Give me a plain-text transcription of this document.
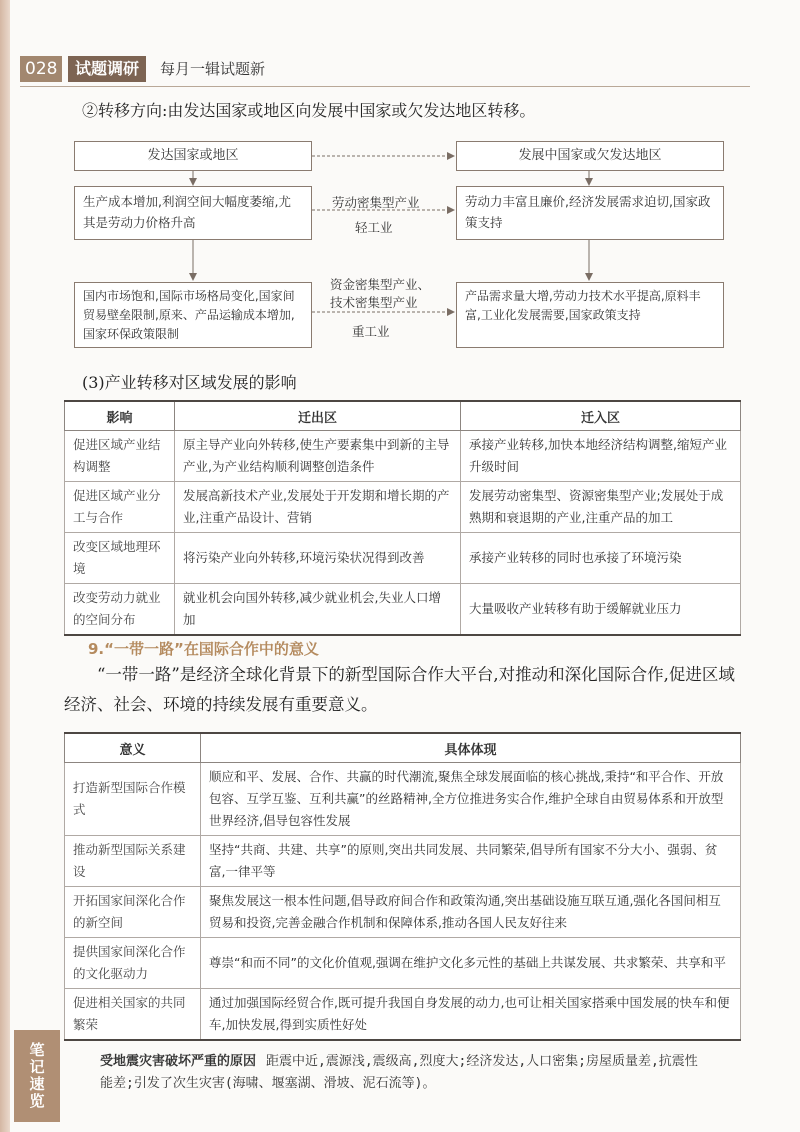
028	试题调研	每月一辑试题新
②转移方向:由发达国家或地区向发展中国家或欠发达地区转移。
发达国家或地区	发展中国家或欠发达地区
生产成本增加,利润空间大幅度萎缩,尤其是劳动力价格升高
劳动力丰富且廉价,经济发展需求迫切,国家政策支持
劳动密集型产业
轻工业
国内市场饱和,国际市场格局变化,国家间贸易壁垒限制,原来、产品运输成本增加,国家环保政策限制
产品需求量大增,劳动力技术水平提高,原料丰富,工业化发展需要,国家政策支持
资金密集型产业、
技术密集型产业
重工业
(3)产业转移对区域发展的影响
影响	迁出区	迁入区
促进区域产业结构调整	原主导产业向外转移,使生产要素集中到新的主导产业,为产业结构顺利调整创造条件	承接产业转移,加快本地经济结构调整,缩短产业升级时间
促进区域产业分工与合作	发展高新技术产业,发展处于开发期和增长期的产业,注重产品设计、营销	发展劳动密集型、资源密集型产业;发展处于成熟期和衰退期的产业,注重产品的加工
改变区域地理环境	将污染产业向外转移,环境污染状况得到改善	承接产业转移的同时也承接了环境污染
改变劳动力就业的空间分布	就业机会向国外转移,减少就业机会,失业人口增加	大量吸收产业转移有助于缓解就业压力
9.“一带一路”在国际合作中的意义
“一带一路”是经济全球化背景下的新型国际合作大平台,对推动和深化国际合作,促进区域经济、社会、环境的持续发展有重要意义。
意义	具体体现
打造新型国际合作模式	顺应和平、发展、合作、共赢的时代潮流,聚焦全球发展面临的核心挑战,秉持“和平合作、开放包容、互学互鉴、互利共赢”的丝路精神,全方位推进务实合作,维护全球自由贸易体系和开放型世界经济,倡导包容性发展
推动新型国际关系建设	坚持“共商、共建、共享”的原则,突出共同发展、共同繁荣,倡导所有国家不分大小、强弱、贫富,一律平等
开拓国家间深化合作的新空间	聚焦发展这一根本性问题,倡导政府间合作和政策沟通,突出基础设施互联互通,强化各国间相互贸易和投资,完善金融合作机制和保障体系,推动各国人民友好往来
提供国家间深化合作的文化驱动力	尊崇“和而不同”的文化价值观,强调在维护文化多元性的基础上共谋发展、共求繁荣、共享和平
促进相关国家的共同繁荣	通过加强国际经贸合作,既可提升我国自身发展的动力,也可让相关国家搭乘中国发展的快车和便车,加快发展,得到实质性好处
笔记速览	受地震灾害破坏严重的原因 距震中近,震源浅,震级高,烈度大;经济发达,人口密集;房屋质量差,抗震性能差;引发了次生灾害(海啸、堰塞湖、滑坡、泥石流等)。
